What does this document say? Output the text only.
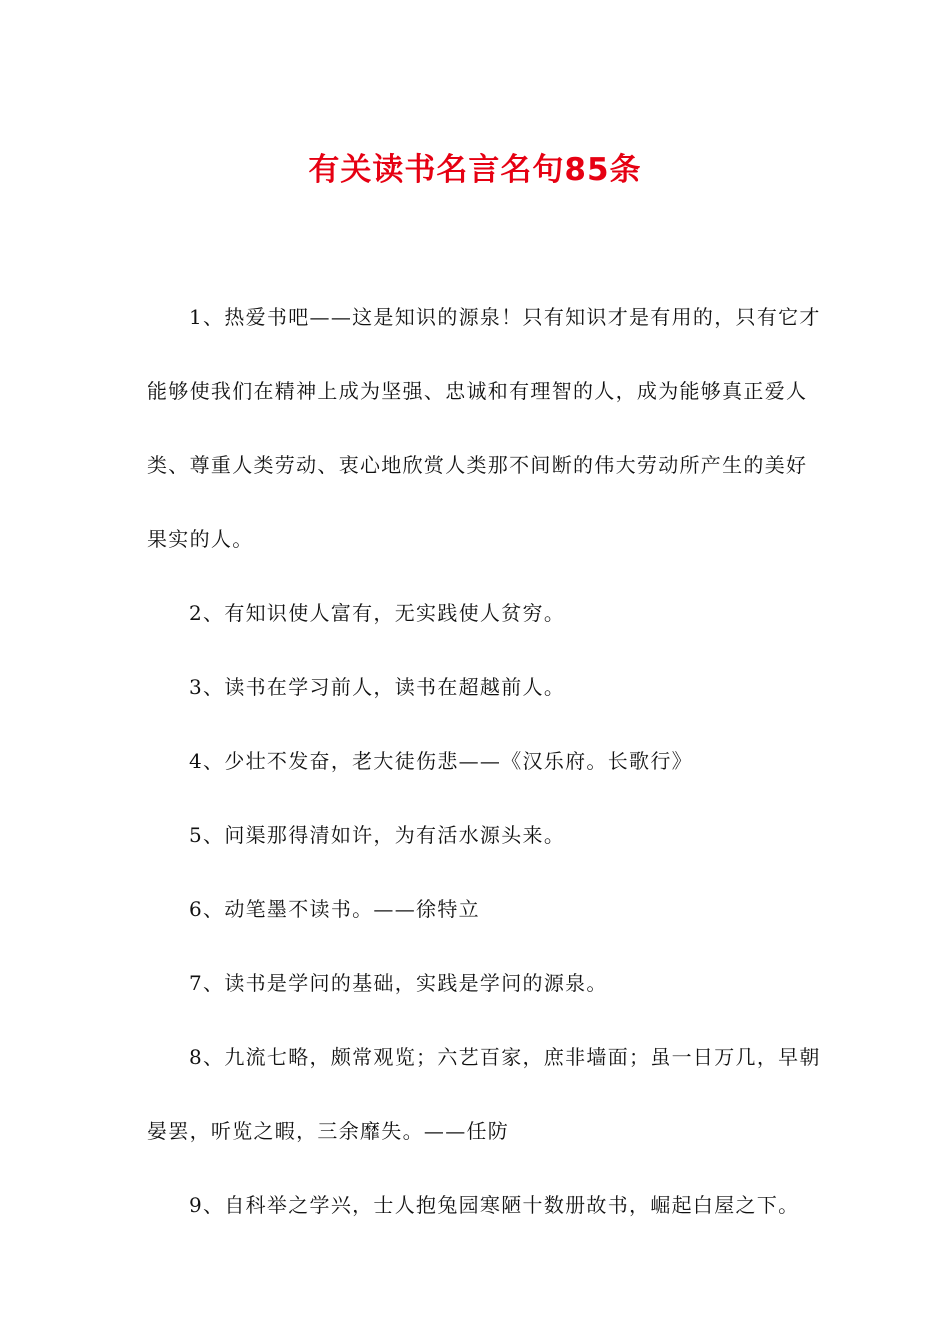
有关读书名言名句85条

1、热爱书吧——这是知识的源泉！只有知识才是有用的，只有它才能够使我们在精神上成为坚强、忠诚和有理智的人，成为能够真正爱人类、尊重人类劳动、衷心地欣赏人类那不间断的伟大劳动所产生的美好果实的人。

2、有知识使人富有，无实践使人贫穷。

3、读书在学习前人，读书在超越前人。

4、少壮不发奋，老大徒伤悲——《汉乐府。长歌行》

5、问渠那得清如许，为有活水源头来。

6、动笔墨不读书。——徐特立

7、读书是学问的基础，实践是学问的源泉。

8、九流七略，颇常观览；六艺百家，庶非墙面；虽一日万几，早朝晏罢，听览之暇，三余靡失。——任防

9、自科举之学兴，士人抱兔园寒陋十数册故书，崛起白屋之下。
